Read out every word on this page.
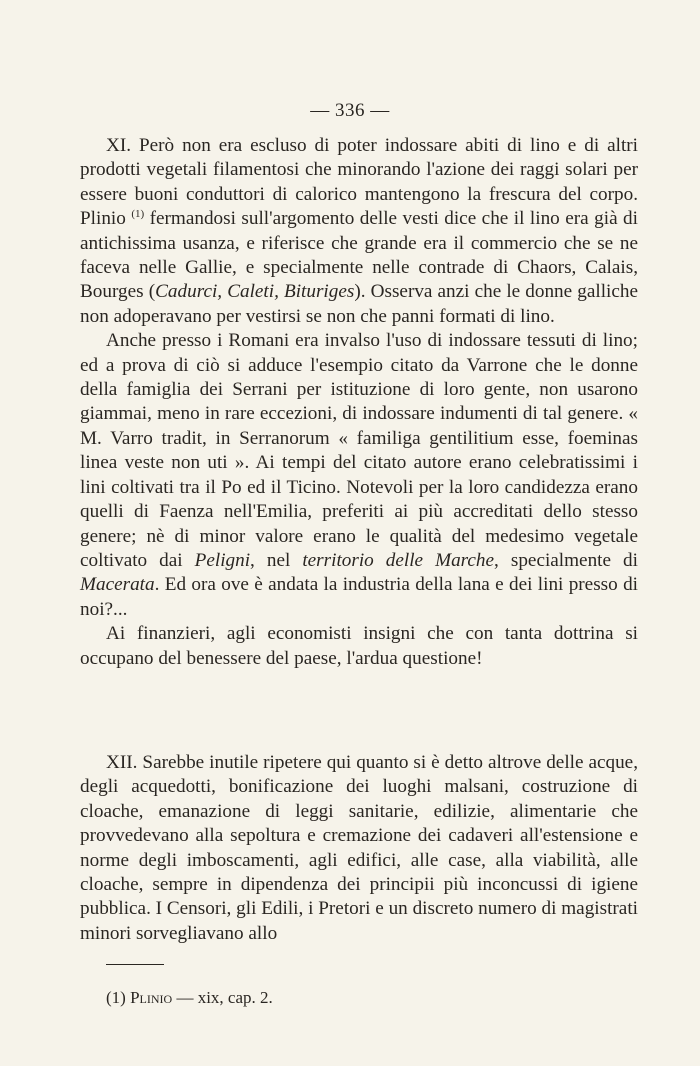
— 336 —

XI. Però non era escluso di poter indossare abiti di lino e di altri prodotti vegetali filamentosi che minorando l'azione dei raggi solari per essere buoni conduttori di calorico mantengono la frescura del corpo. Plinio $^{(1)}$ fermandosi sull'argomento delle vesti dice che il lino era già di antichissima usanza, e riferisce che grande era il commercio che se ne faceva nelle Gallie, e specialmente nelle contrade di Chaors, Calais, Bourges (Cadurci, Caleti, Bituriges). Osserva anzi che le donne galliche non adoperavano per vestirsi se non che panni formati di lino.

Anche presso i Romani era invalso l'uso di indossare tessuti di lino; ed a prova di ciò si adduce l'esempio citato da Varrone che le donne della famiglia dei Serrani per istituzione di loro gente, non usarono giammai, meno in rare eccezioni, di indossare indumenti di tal genere. « M. Varro tradit, in Serranorum « familiga gentilitium esse, foeminas linea veste non uti ». Ai tempi del citato autore erano celebratissimi i lini coltivati tra il Po ed il Ticino. Notevoli per la loro candidezza erano quelli di Faenza nell'Emilia, preferiti ai più accreditati dello stesso genere; nè di minor valore erano le qualità del medesimo vegetale coltivato dai Peligni, nel territorio delle Marche, specialmente di Macerata. Ed ora ove è andata la industria della lana e dei lini presso di noi?...

Ai finanzieri, agli economisti insigni che con tanta dottrina si occupano del benessere del paese, l'ardua questione!

XII. Sarebbe inutile ripetere qui quanto si è detto altrove delle acque, degli acquedotti, bonificazione dei luoghi malsani, costruzione di cloache, emanazione di leggi sanitarie, edilizie, alimentarie che provvedevano alla sepoltura e cremazione dei cadaveri all'estensione e norme degli imboscamenti, agli edifici, alle case, alla viabilità, alle cloache, sempre in dipendenza dei principii più inconcussi di igiene pubblica. I Censori, gli Edili, i Pretori e un discreto numero di magistrati minori sorvegliavano allo

(1) Plinio — xix, cap. 2.
